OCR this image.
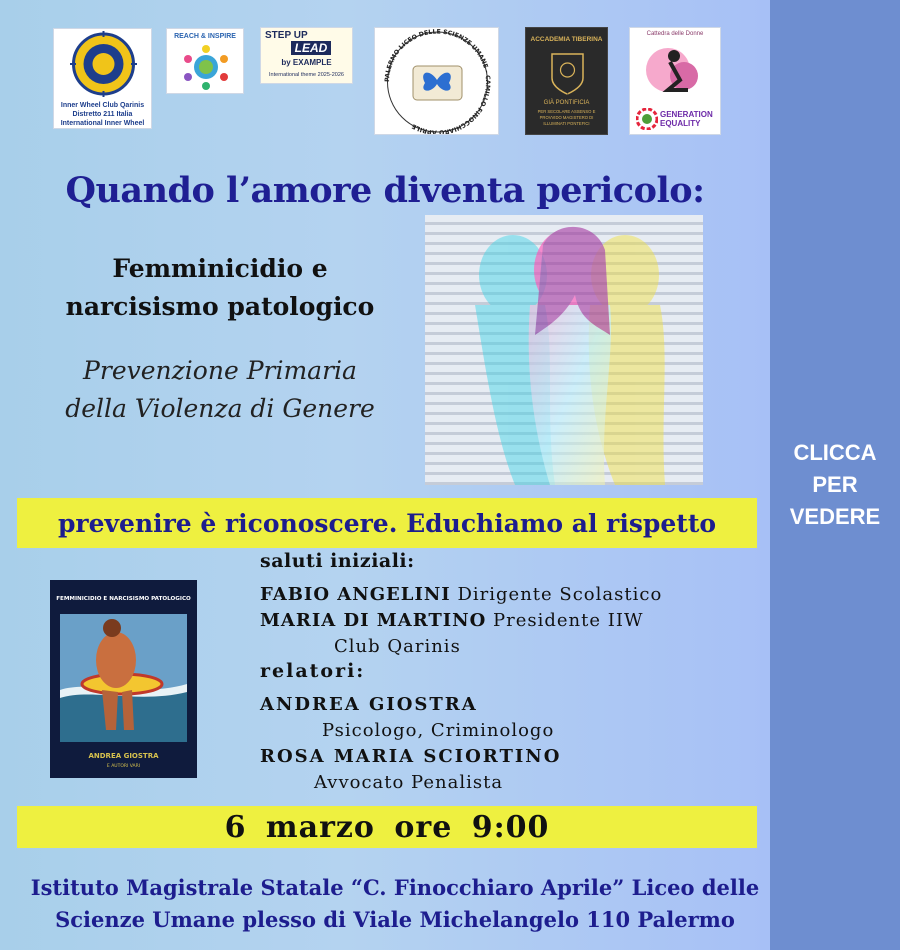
Inner Wheel Club Qarinis
Distretto 211 Italia
International Inner Wheel
REACH & INSPIRE	STEP UP
LEAD
by EXAMPLE
International theme 2025-2026
PALERMO LICEO DELLE SCIENZE UMANE - CAMILLO FINOCCHIARO APRILE
ACCADEMIA TIBERINA
GIÀ PONTIFICIA
PER SECOLARE ASSENSO E PROVVIDO MAGISTERO DI ILLUMINATI PONTEFICI
Cattedra delle Donne
GENERATION EQUALITY
Quando l’amore diventa pericolo:
Femminicidio e
narcisismo patologico
Prevenzione Primaria
della Violenza di Genere
prevenire è riconoscere. Educhiamo al rispetto
FEMMINICIDIO E NARCISISMO PATOLOGICO
ANDREA GIOSTRA
E AUTORI VARI
saluti iniziali:
FABIO ANGELINI Dirigente Scolastico
MARIA DI MARTINO Presidente IIW
Club Qarinis
relatori:
ANDREA GIOSTRA
Psicologo, Criminologo
ROSA MARIA SCIORTINO
Avvocato Penalista
6 marzo ore 9:00
Istituto Magistrale Statale “C. Finocchiaro Aprile” Liceo delle
Scienze Umane plesso di Viale Michelangelo 110 Palermo
CLICCA
PER
VEDERE
